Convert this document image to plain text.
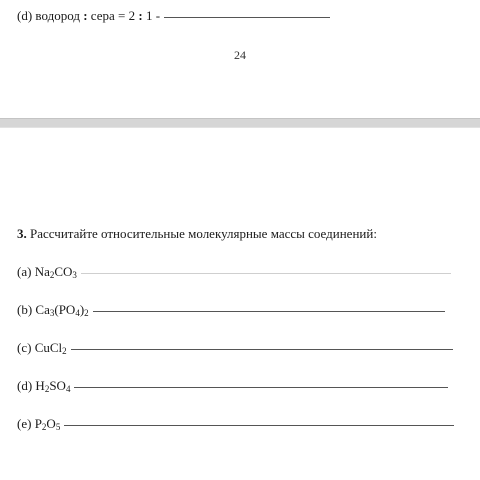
(d) водород : сера = 2 : 1 -
24
3. Рассчитайте относительные молекулярные массы соединений:
(a)
$Na_2CO_3$
(b)
$Ca_3(PO_4)_2$
(c)
CuCl$_2$
(d)
$H_2SO_4$
(e)
$P_2O_5$
